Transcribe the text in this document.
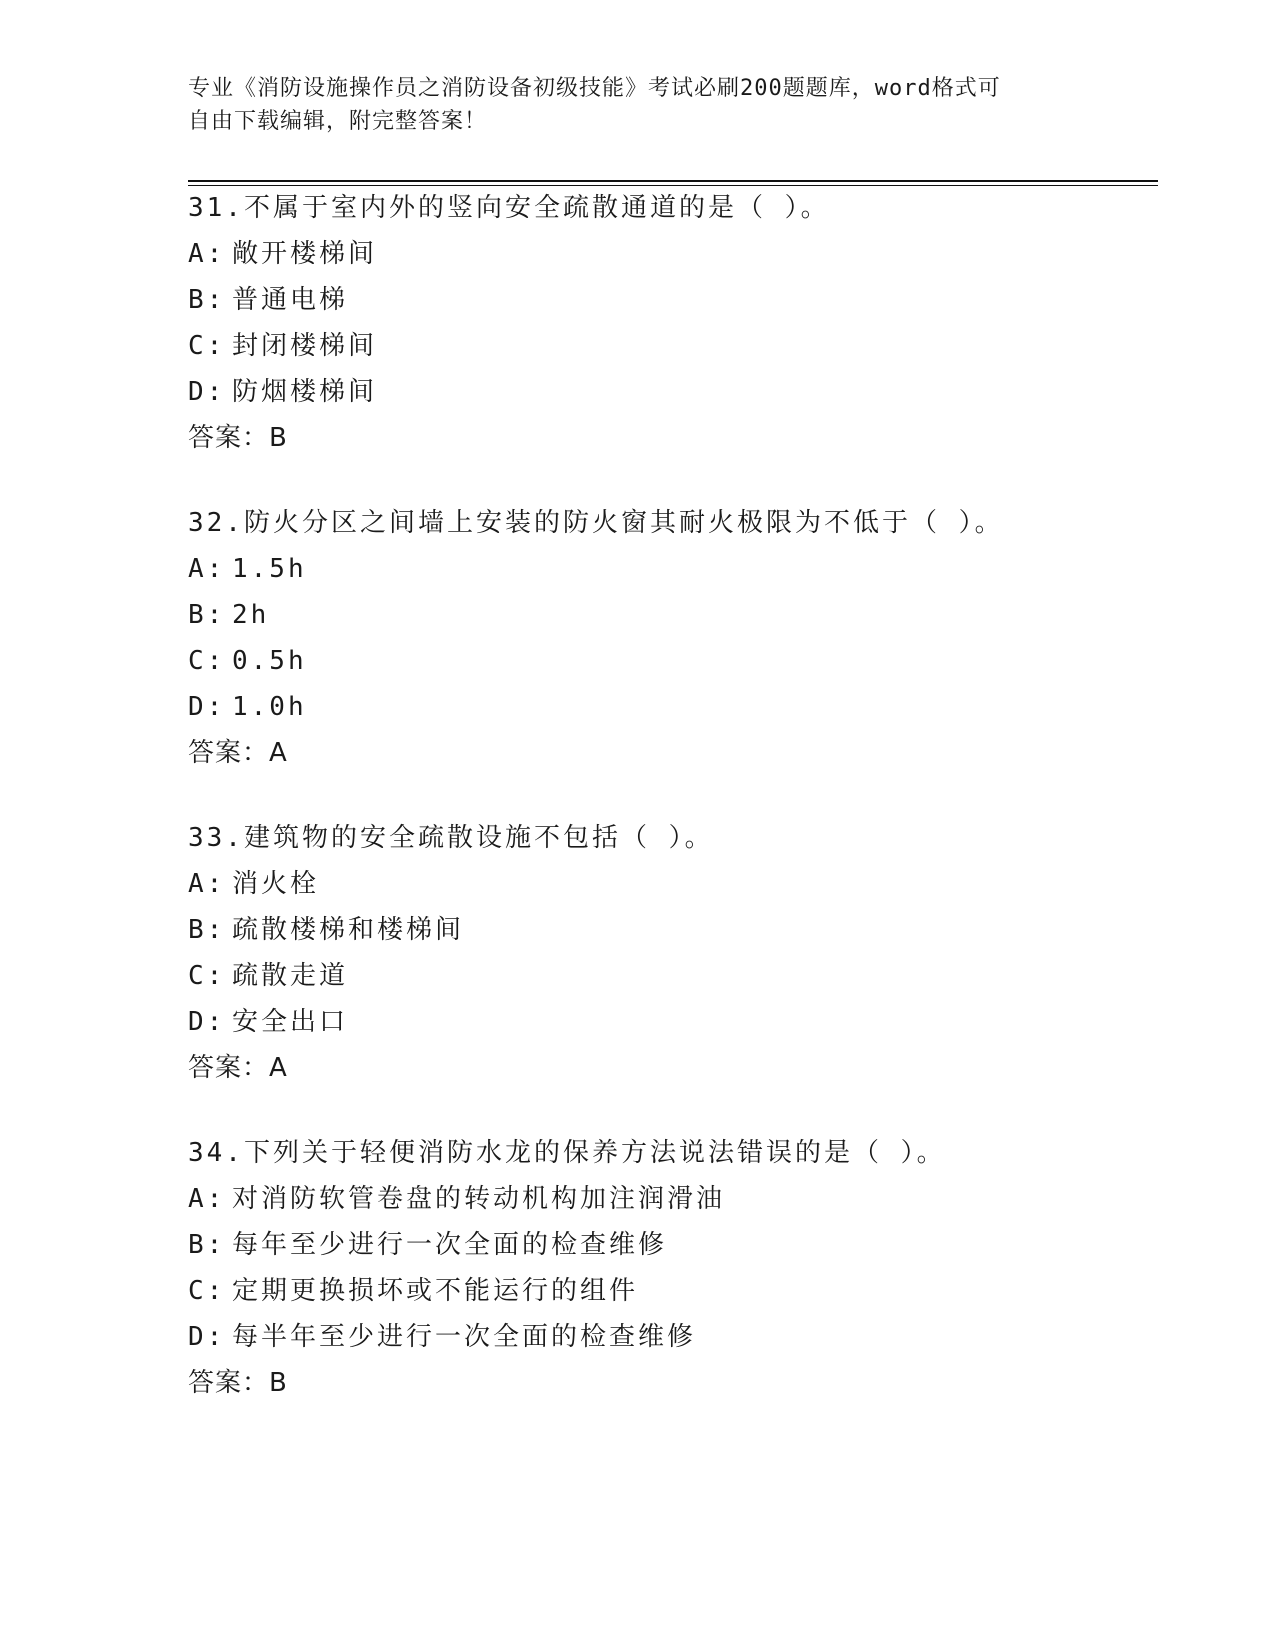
专业《消防设施操作员之消防设备初级技能》考试必刷200题题库，word格式可
自由下载编辑，附完整答案！
31.不属于室内外的竖向安全疏散通道的是（ ）。
A: 敞开楼梯间
B: 普通电梯
C: 封闭楼梯间
D: 防烟楼梯间
答案：B
32.防火分区之间墙上安装的防火窗其耐火极限为不低于（ ）。
A: 1.5h
B: 2h
C: 0.5h
D: 1.0h
答案：A
33.建筑物的安全疏散设施不包括（ ）。
A: 消火栓
B: 疏散楼梯和楼梯间
C: 疏散走道
D: 安全出口
答案：A
34.下列关于轻便消防水龙的保养方法说法错误的是（ ）。
A: 对消防软管卷盘的转动机构加注润滑油
B: 每年至少进行一次全面的检查维修
C: 定期更换损坏或不能运行的组件
D: 每半年至少进行一次全面的检查维修
答案：B
